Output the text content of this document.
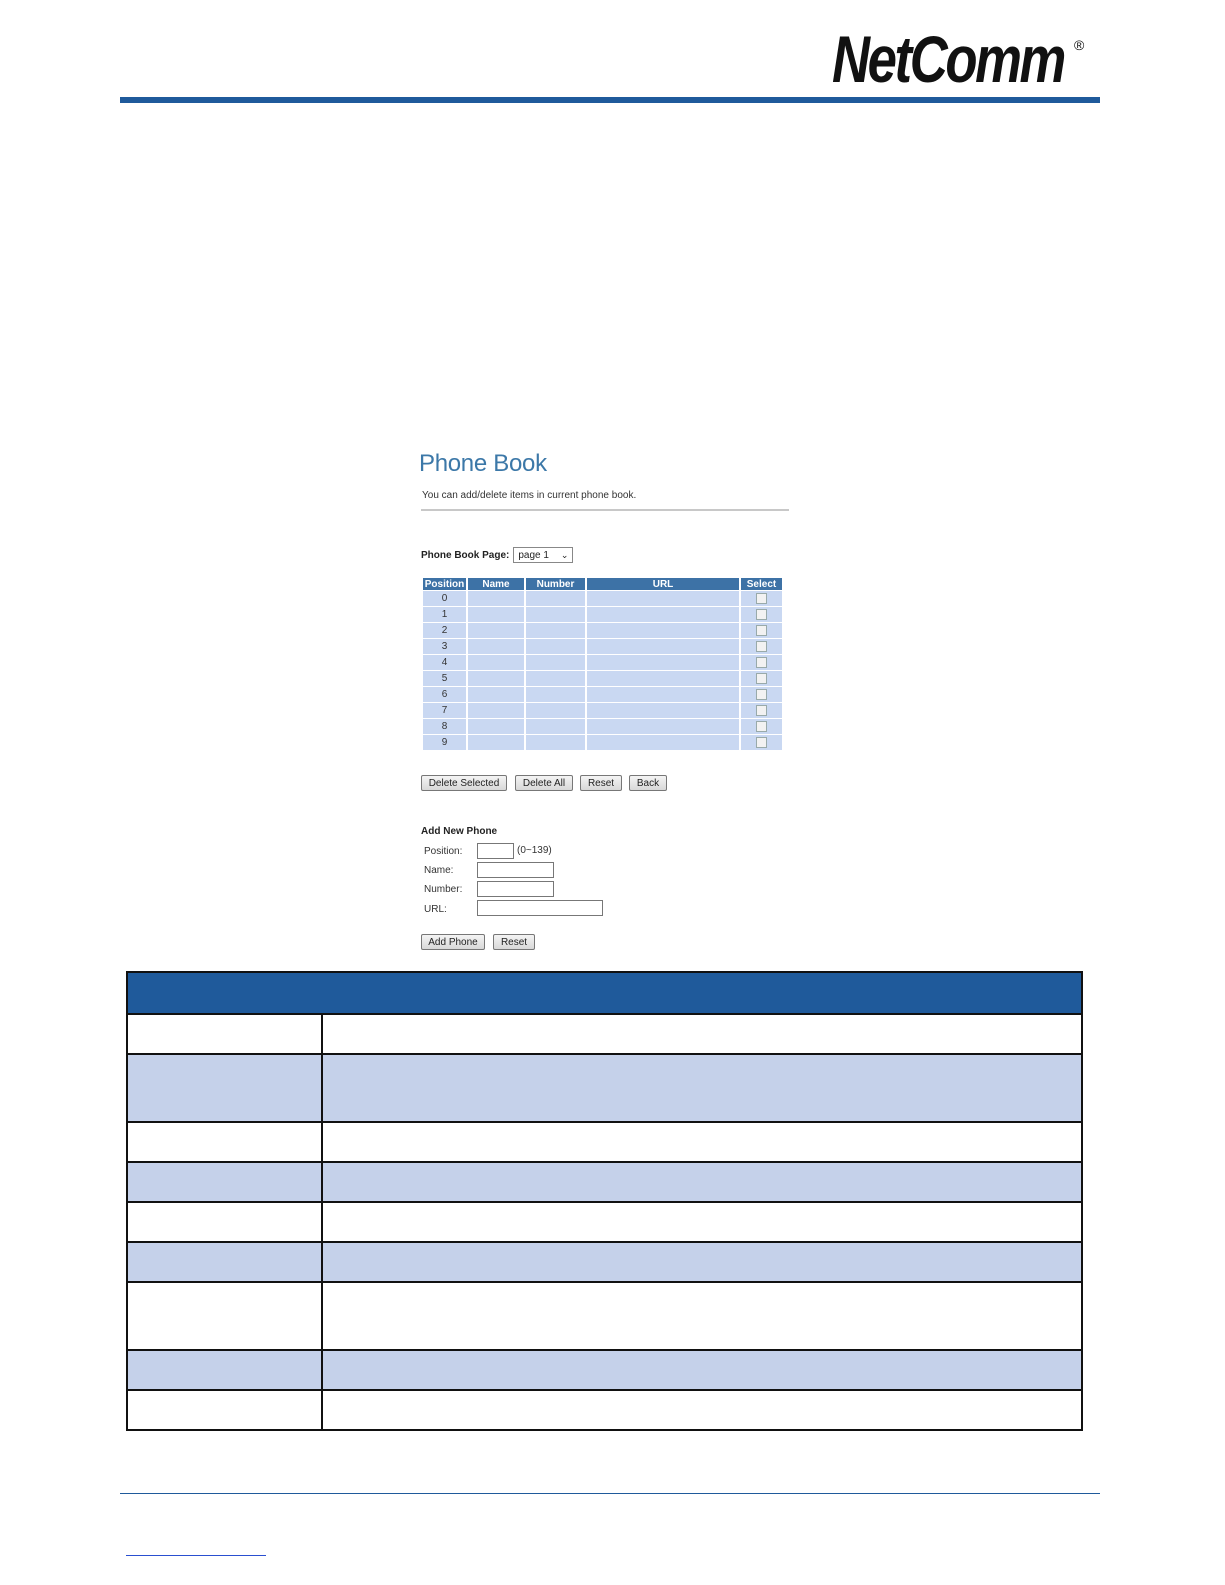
NetComm ®
Phone Book
You can add/delete items in current phone book.
Phone Book Page: page 1 ⌄
Position	Name	Number	URL	Select
0				
1				
2				
3				
4				
5				
6				
7				
8				
9				
Delete Selected	Delete All	Reset	Back
Add New Phone
Position:	(0~139)
Name:
Number:
URL:
Add Phone	Reset
